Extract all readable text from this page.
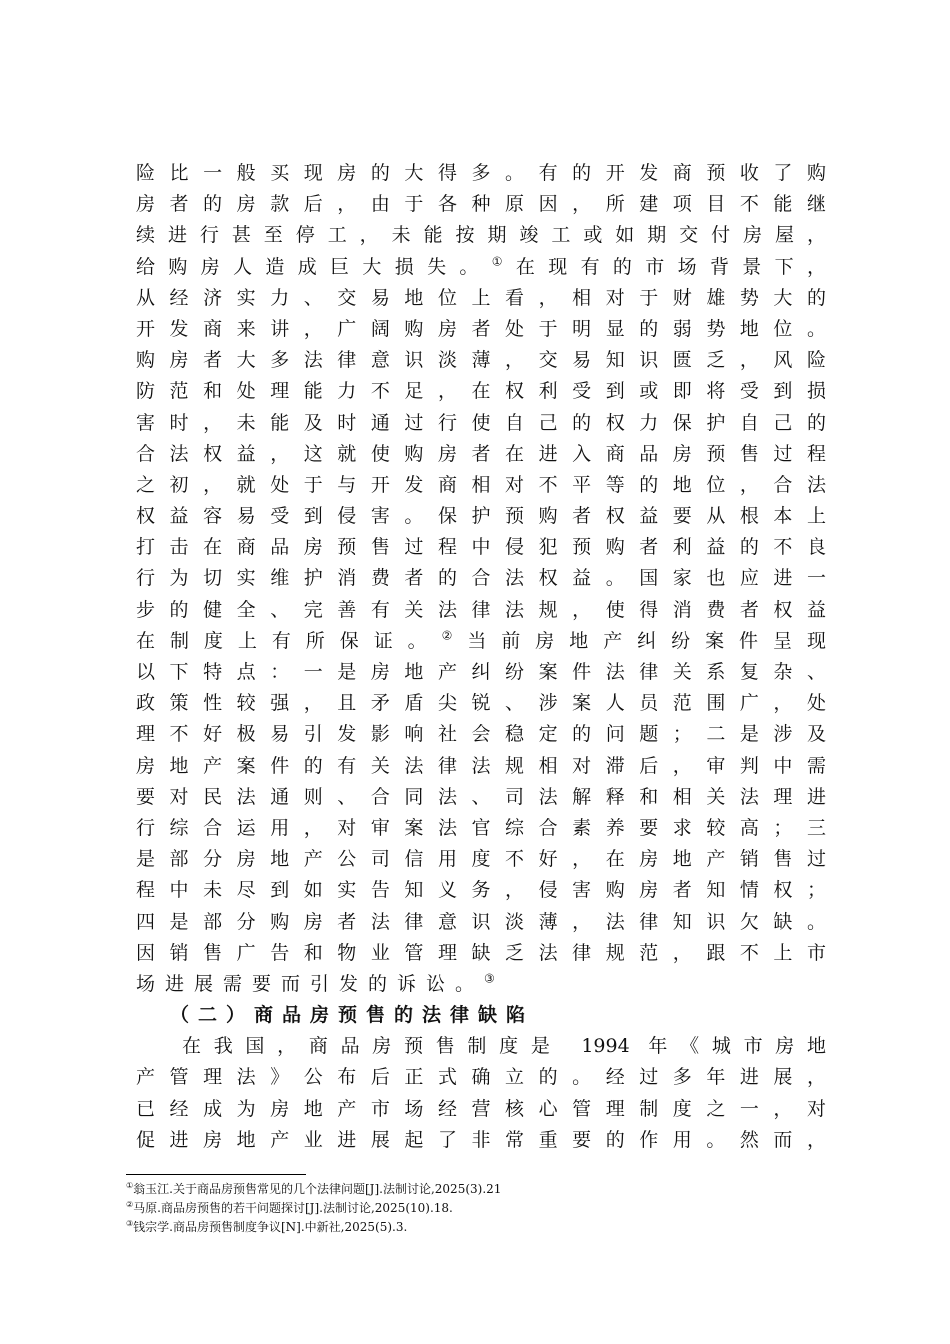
险比一般买现房的大得多。有的开发商预收了购
房者的房款后，由于各种原因，所建项目不能继
续进行甚至停工，未能按期竣工或如期交付房屋，
给购房人造成巨大损失。①在现有的市场背景下，
从经济实力、交易地位上看，相对于财雄势大的
开发商来讲，广阔购房者处于明显的弱势地位。
购房者大多法律意识淡薄，交易知识匮乏，风险
防范和处理能力不足，在权利受到或即将受到损
害时，未能及时通过行使自己的权力保护自己的
合法权益，这就使购房者在进入商品房预售过程
之初，就处于与开发商相对不平等的地位，合法
权益容易受到侵害。保护预购者权益要从根本上
打击在商品房预售过程中侵犯预购者利益的不良
行为切实维护消费者的合法权益。国家也应进一
步的健全、完善有关法律法规，使得消费者权益
在制度上有所保证。②当前房地产纠纷案件呈现
以下特点：一是房地产纠纷案件法律关系复杂、
政策性较强，且矛盾尖锐、涉案人员范围广，处
理不好极易引发影响社会稳定的问题；二是涉及
房地产案件的有关法律法规相对滞后，审判中需
要对民法通则、合同法、司法解释和相关法理进
行综合运用，对审案法官综合素养要求较高；三
是部分房地产公司信用度不好，在房地产销售过
程中未尽到如实告知义务，侵害购房者知情权；
四是部分购房者法律意识淡薄，法律知识欠缺。
因销售广告和物业管理缺乏法律规范，跟不上市
场进展需要而引发的诉讼。③
（二）商品房预售的法律缺陷
在我国，商品房预售制度是 1994 年《城市房地
产管理法》公布后正式确立的。经过多年进展，
已经成为房地产市场经营核心管理制度之一，对
促进房地产业进展起了非常重要的作用。然而，
①翁玉江.关于商品房预售常见的几个法律问题[J].法制讨论,2025(3).21
②马原.商品房预售的若干问题探讨[J].法制讨论,2025(10).18.
③钱宗学.商品房预售制度争议[N].中新社,2025(5).3.
